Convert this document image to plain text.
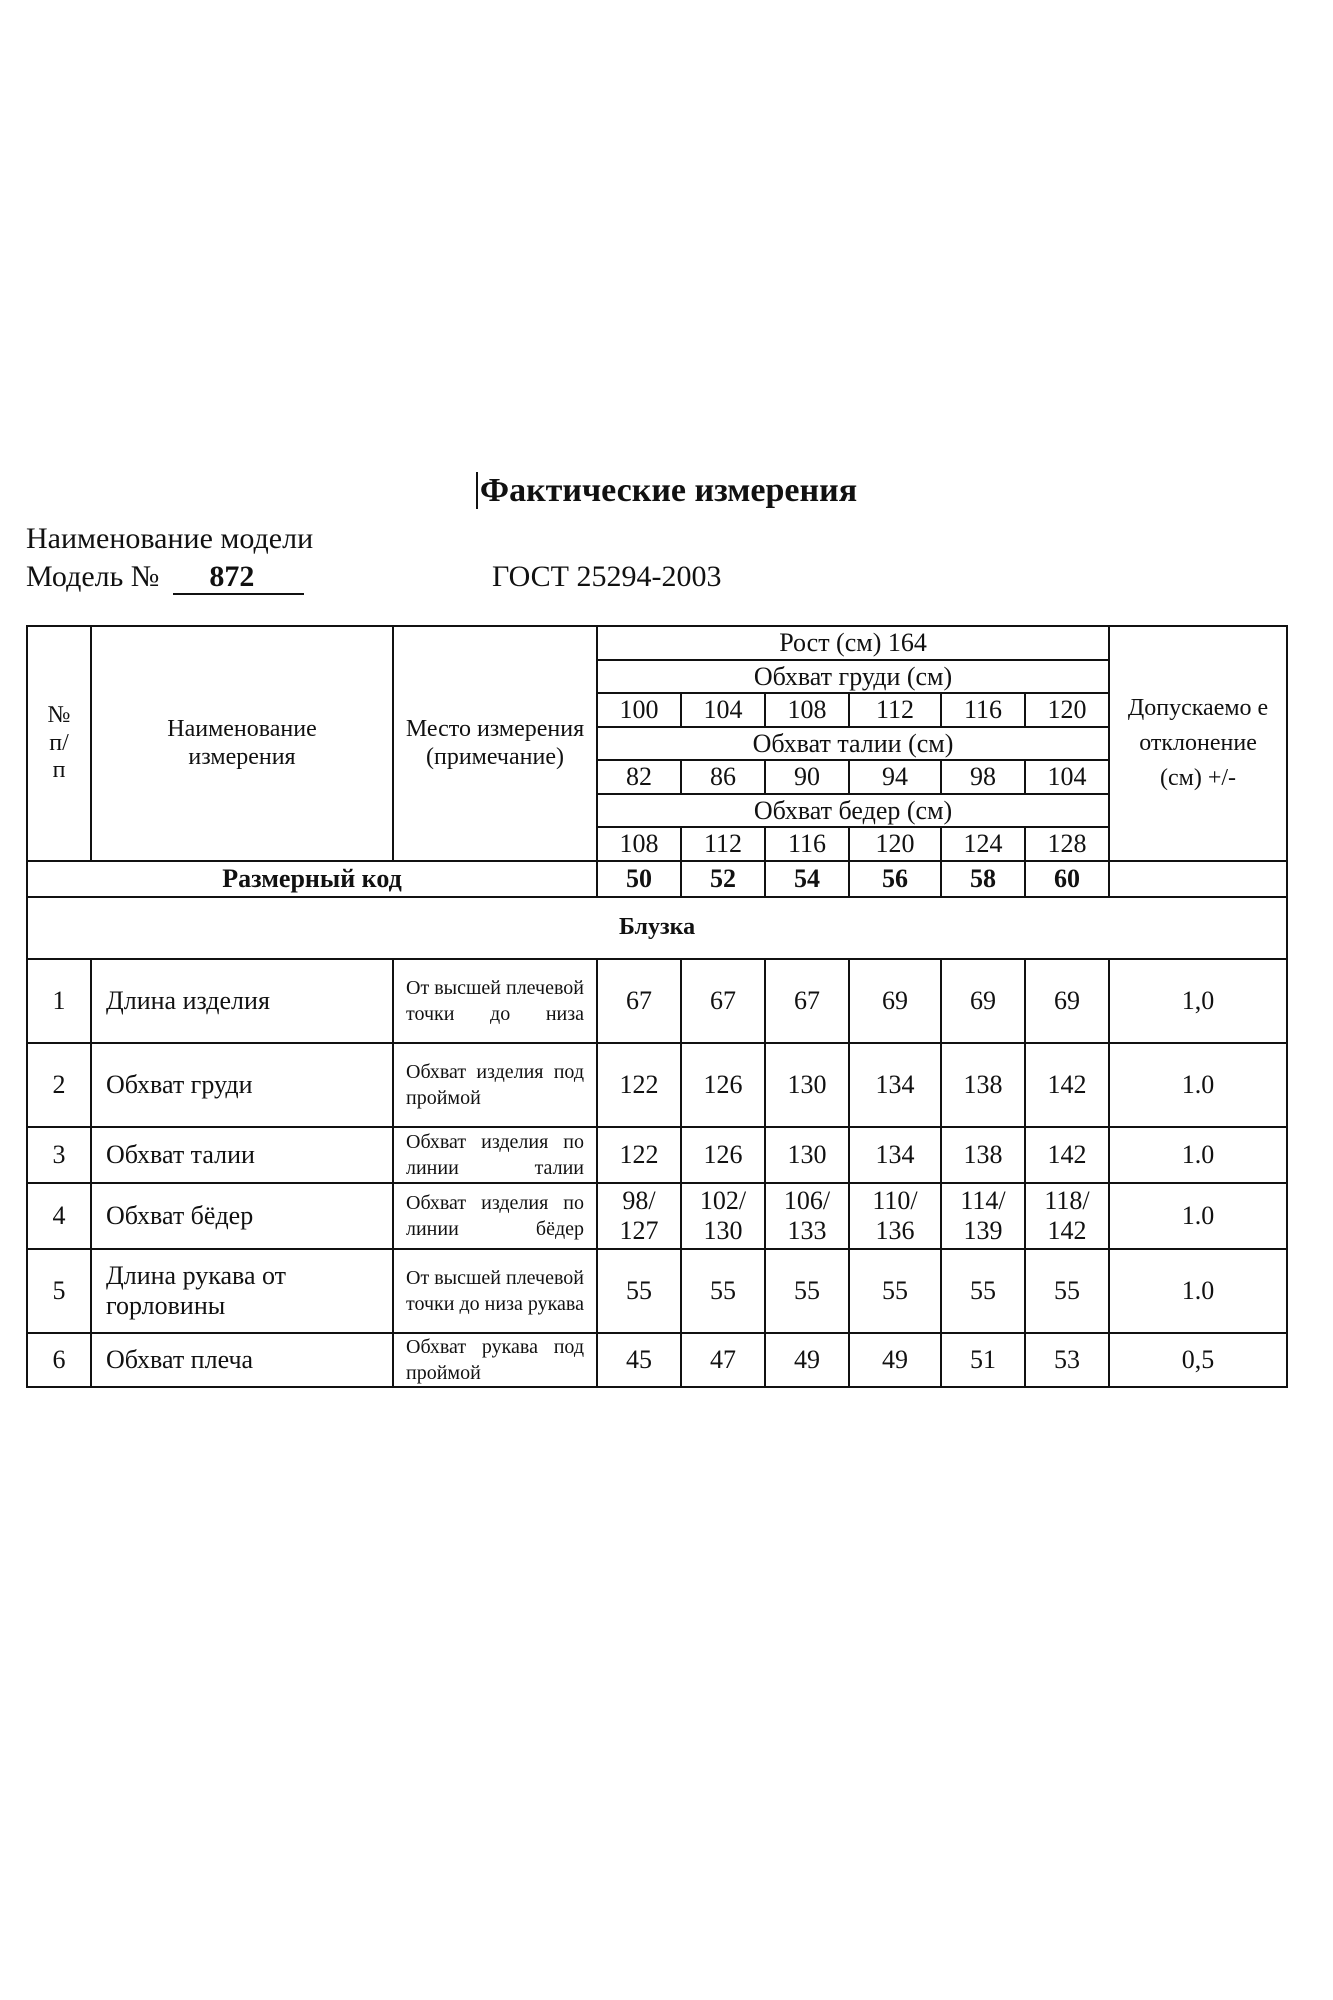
Фактические измерения
Наименование модели
Модель № 872	ГОСТ 25294-2003
№ п/ п	Наименование измерения	Место измерения (примечание)	Рост (см) 164						Допускаемо е отклонение (см) +/-

			Обхват груди (см)						
			100	104	108	112	116	120	
			Обхват талии (см)						
			82	86	90	94	98	104	
			Обхват бедер (см)						
			108	112	116	120	124	128	
Размерный код			50	52	54	56	58	60	
Блузка									
1	Длина изделия	От высшей плечевой точки до низа	67	67	67	69	69	69	1,0
2	Обхват груди	Обхват изделия под проймой	122	126	130	134	138	142	1.0
3	Обхват талии	Обхват изделия по линии талии	122	126	130	134	138	142	1.0
4	Обхват бёдер	Обхват изделия по линии бёдер	98/ 127	102/ 130	106/ 133	110/ 136	114/ 139	118/ 142	1.0
5	Длина рукава от горловины	От высшей плечевой точки до низа рукава	55	55	55	55	55	55	1.0
6	Обхват плеча	Обхват рукава под проймой	45	47	49	49	51	53	0,5
